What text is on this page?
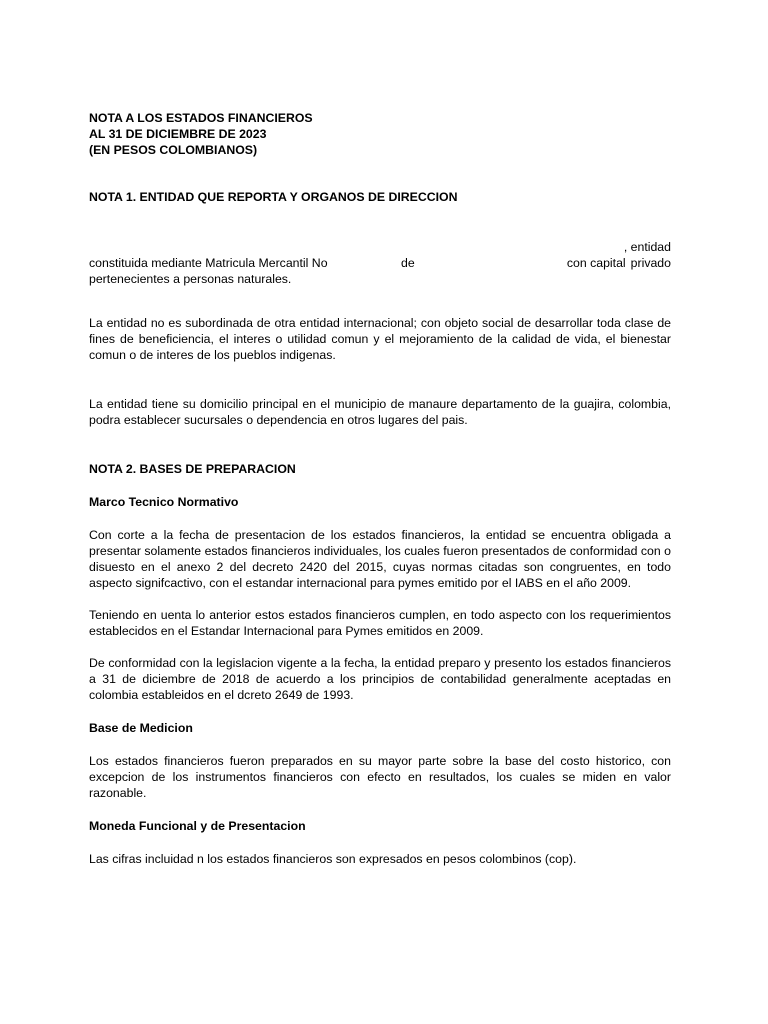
NOTA A LOS ESTADOS FINANCIEROS
AL 31 DE DICIEMBRE DE 2023
(EN PESOS COLOMBIANOS)
NOTA 1. ENTIDAD QUE REPORTA Y ORGANOS DE DIRECCION
, entidad
constituida mediante Matricula Mercantil No	de	con capital privado
pertenecientes a personas naturales.

La entidad no es subordinada de otra entidad internacional; con objeto social de desarrollar toda clase de fines de beneficiencia, el interes o utilidad comun y el mejoramiento de la calidad de vida, el bienestar comun o de interes de los pueblos indigenas.

La entidad tiene su domicilio principal en el municipio de manaure departamento de la guajira, colombia, podra establecer sucursales o dependencia en otros lugares del pais.

NOTA 2. BASES DE PREPARACION
Marco Tecnico Normativo

Con corte a la fecha de presentacion de los estados financieros, la entidad se encuentra obligada a presentar solamente estados financieros individuales, los cuales fueron presentados de conformidad con o disuesto en el anexo 2 del decreto 2420 del 2015, cuyas normas citadas son congruentes, en todo aspecto signifcactivo, con el estandar internacional para pymes emitido por el IABS en el año 2009.

Teniendo en uenta lo anterior estos estados financieros cumplen, en todo aspecto con los requerimientos establecidos en el Estandar Internacional para Pymes emitidos en 2009.

De conformidad con la legislacion vigente a la fecha, la entidad preparo y presento los estados financieros a 31 de diciembre de 2018 de acuerdo a los principios de contabilidad generalmente aceptadas en colombia estableidos en el dcreto 2649 de 1993.

Base de Medicion

Los estados financieros fueron preparados en su mayor parte sobre la base del costo historico, con excepcion de los instrumentos financieros con efecto en resultados, los cuales se miden en valor razonable.

Moneda Funcional y de Presentacion

Las cifras incluidad n los estados financieros son expresados en pesos colombinos (cop).
